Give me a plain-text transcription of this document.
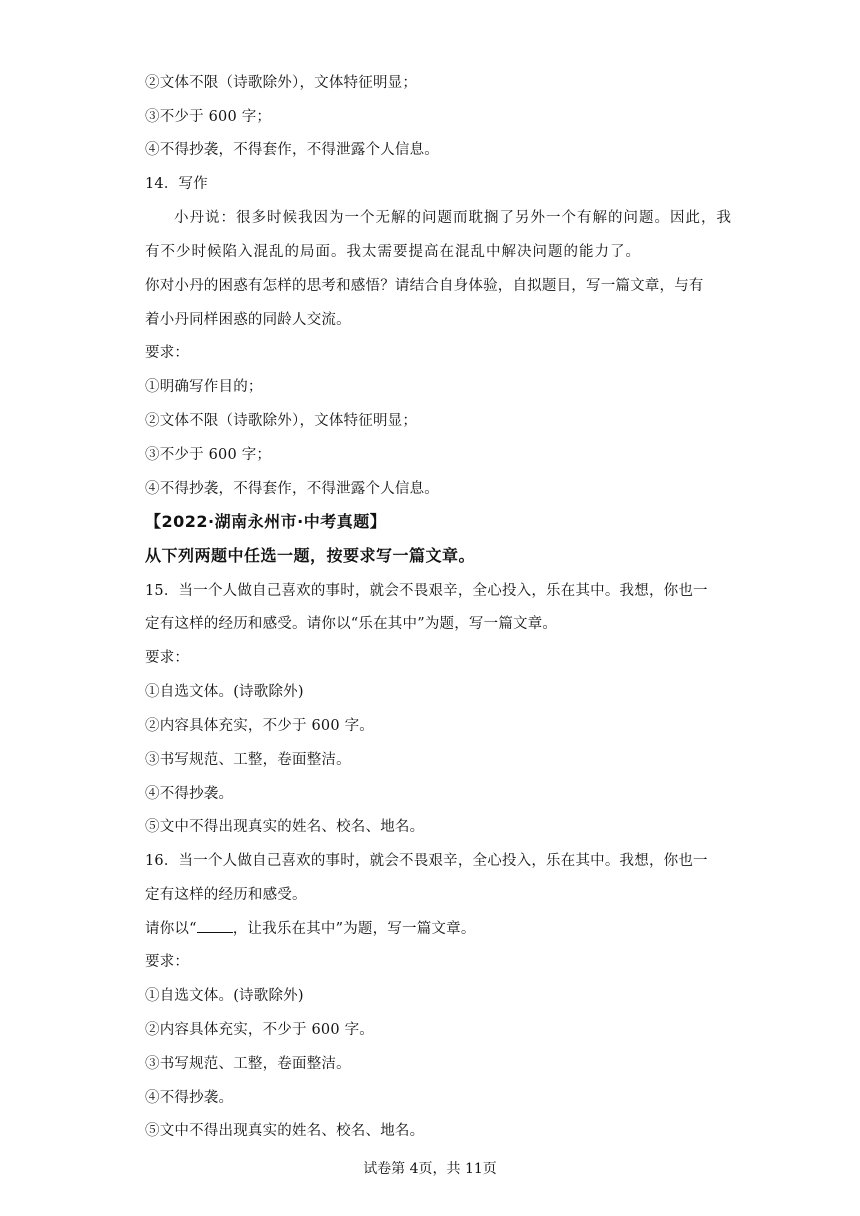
②文体不限（诗歌除外），文体特征明显；
③不少于 600 字；
④不得抄袭，不得套作，不得泄露个人信息。
14．写作
小丹说：很多时候我因为一个无解的问题而耽搁了另外一个有解的问题。因此，我
有不少时候陷入混乱的局面。我太需要提高在混乱中解决问题的能力了。
你对小丹的困惑有怎样的思考和感悟？请结合自身体验，自拟题目，写一篇文章，与有
着小丹同样困惑的同龄人交流。
要求：
①明确写作目的；
②文体不限（诗歌除外），文体特征明显；
③不少于 600 字；
④不得抄袭，不得套作，不得泄露个人信息。
【2022·湖南永州市·中考真题】
从下列两题中任选一题，按要求写一篇文章。
15．当一个人做自己喜欢的事时，就会不畏艰辛，全心投入，乐在其中。我想，你也一
定有这样的经历和感受。请你以“乐在其中”为题，写一篇文章。
要求：
①自选文体。(诗歌除外)
②内容具体充实，不少于 600 字。
③书写规范、工整，卷面整洁。
④不得抄袭。
⑤文中不得出现真实的姓名、校名、地名。
16．当一个人做自己喜欢的事时，就会不畏艰辛，全心投入，乐在其中。我想，你也一
定有这样的经历和感受。
请你以“ ，让我乐在其中”为题，写一篇文章。
要求：
①自选文体。(诗歌除外)
②内容具体充实，不少于 600 字。
③书写规范、工整，卷面整洁。
④不得抄袭。
⑤文中不得出现真实的姓名、校名、地名。
试卷第 4页，共 11页
